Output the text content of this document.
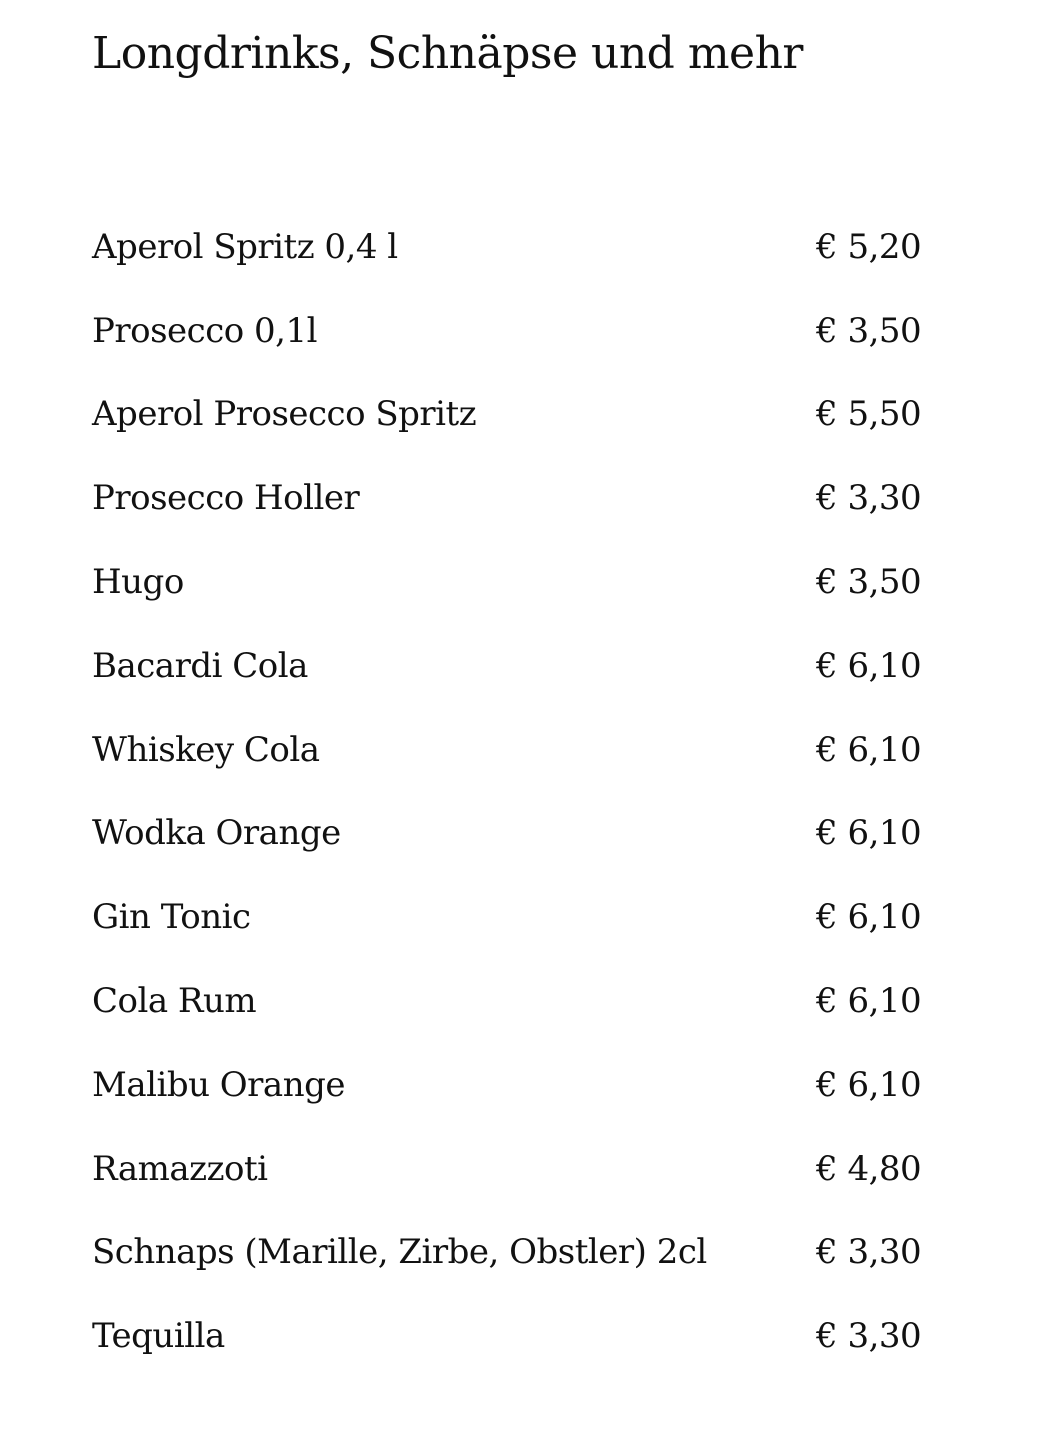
Longdrinks, Schnäpse und mehr
Aperol Spritz 0,4 l	€ 5,20
Prosecco 0,1l	€ 3,50
Aperol Prosecco Spritz	€ 5,50
Prosecco Holler	€ 3,30
Hugo	€ 3,50
Bacardi Cola	€ 6,10
Whiskey Cola	€ 6,10
Wodka Orange	€ 6,10
Gin Tonic	€ 6,10
Cola Rum	€ 6,10
Malibu Orange	€ 6,10
Ramazzoti	€ 4,80
Schnaps (Marille, Zirbe, Obstler) 2cl	€ 3,30
Tequilla	€ 3,30
